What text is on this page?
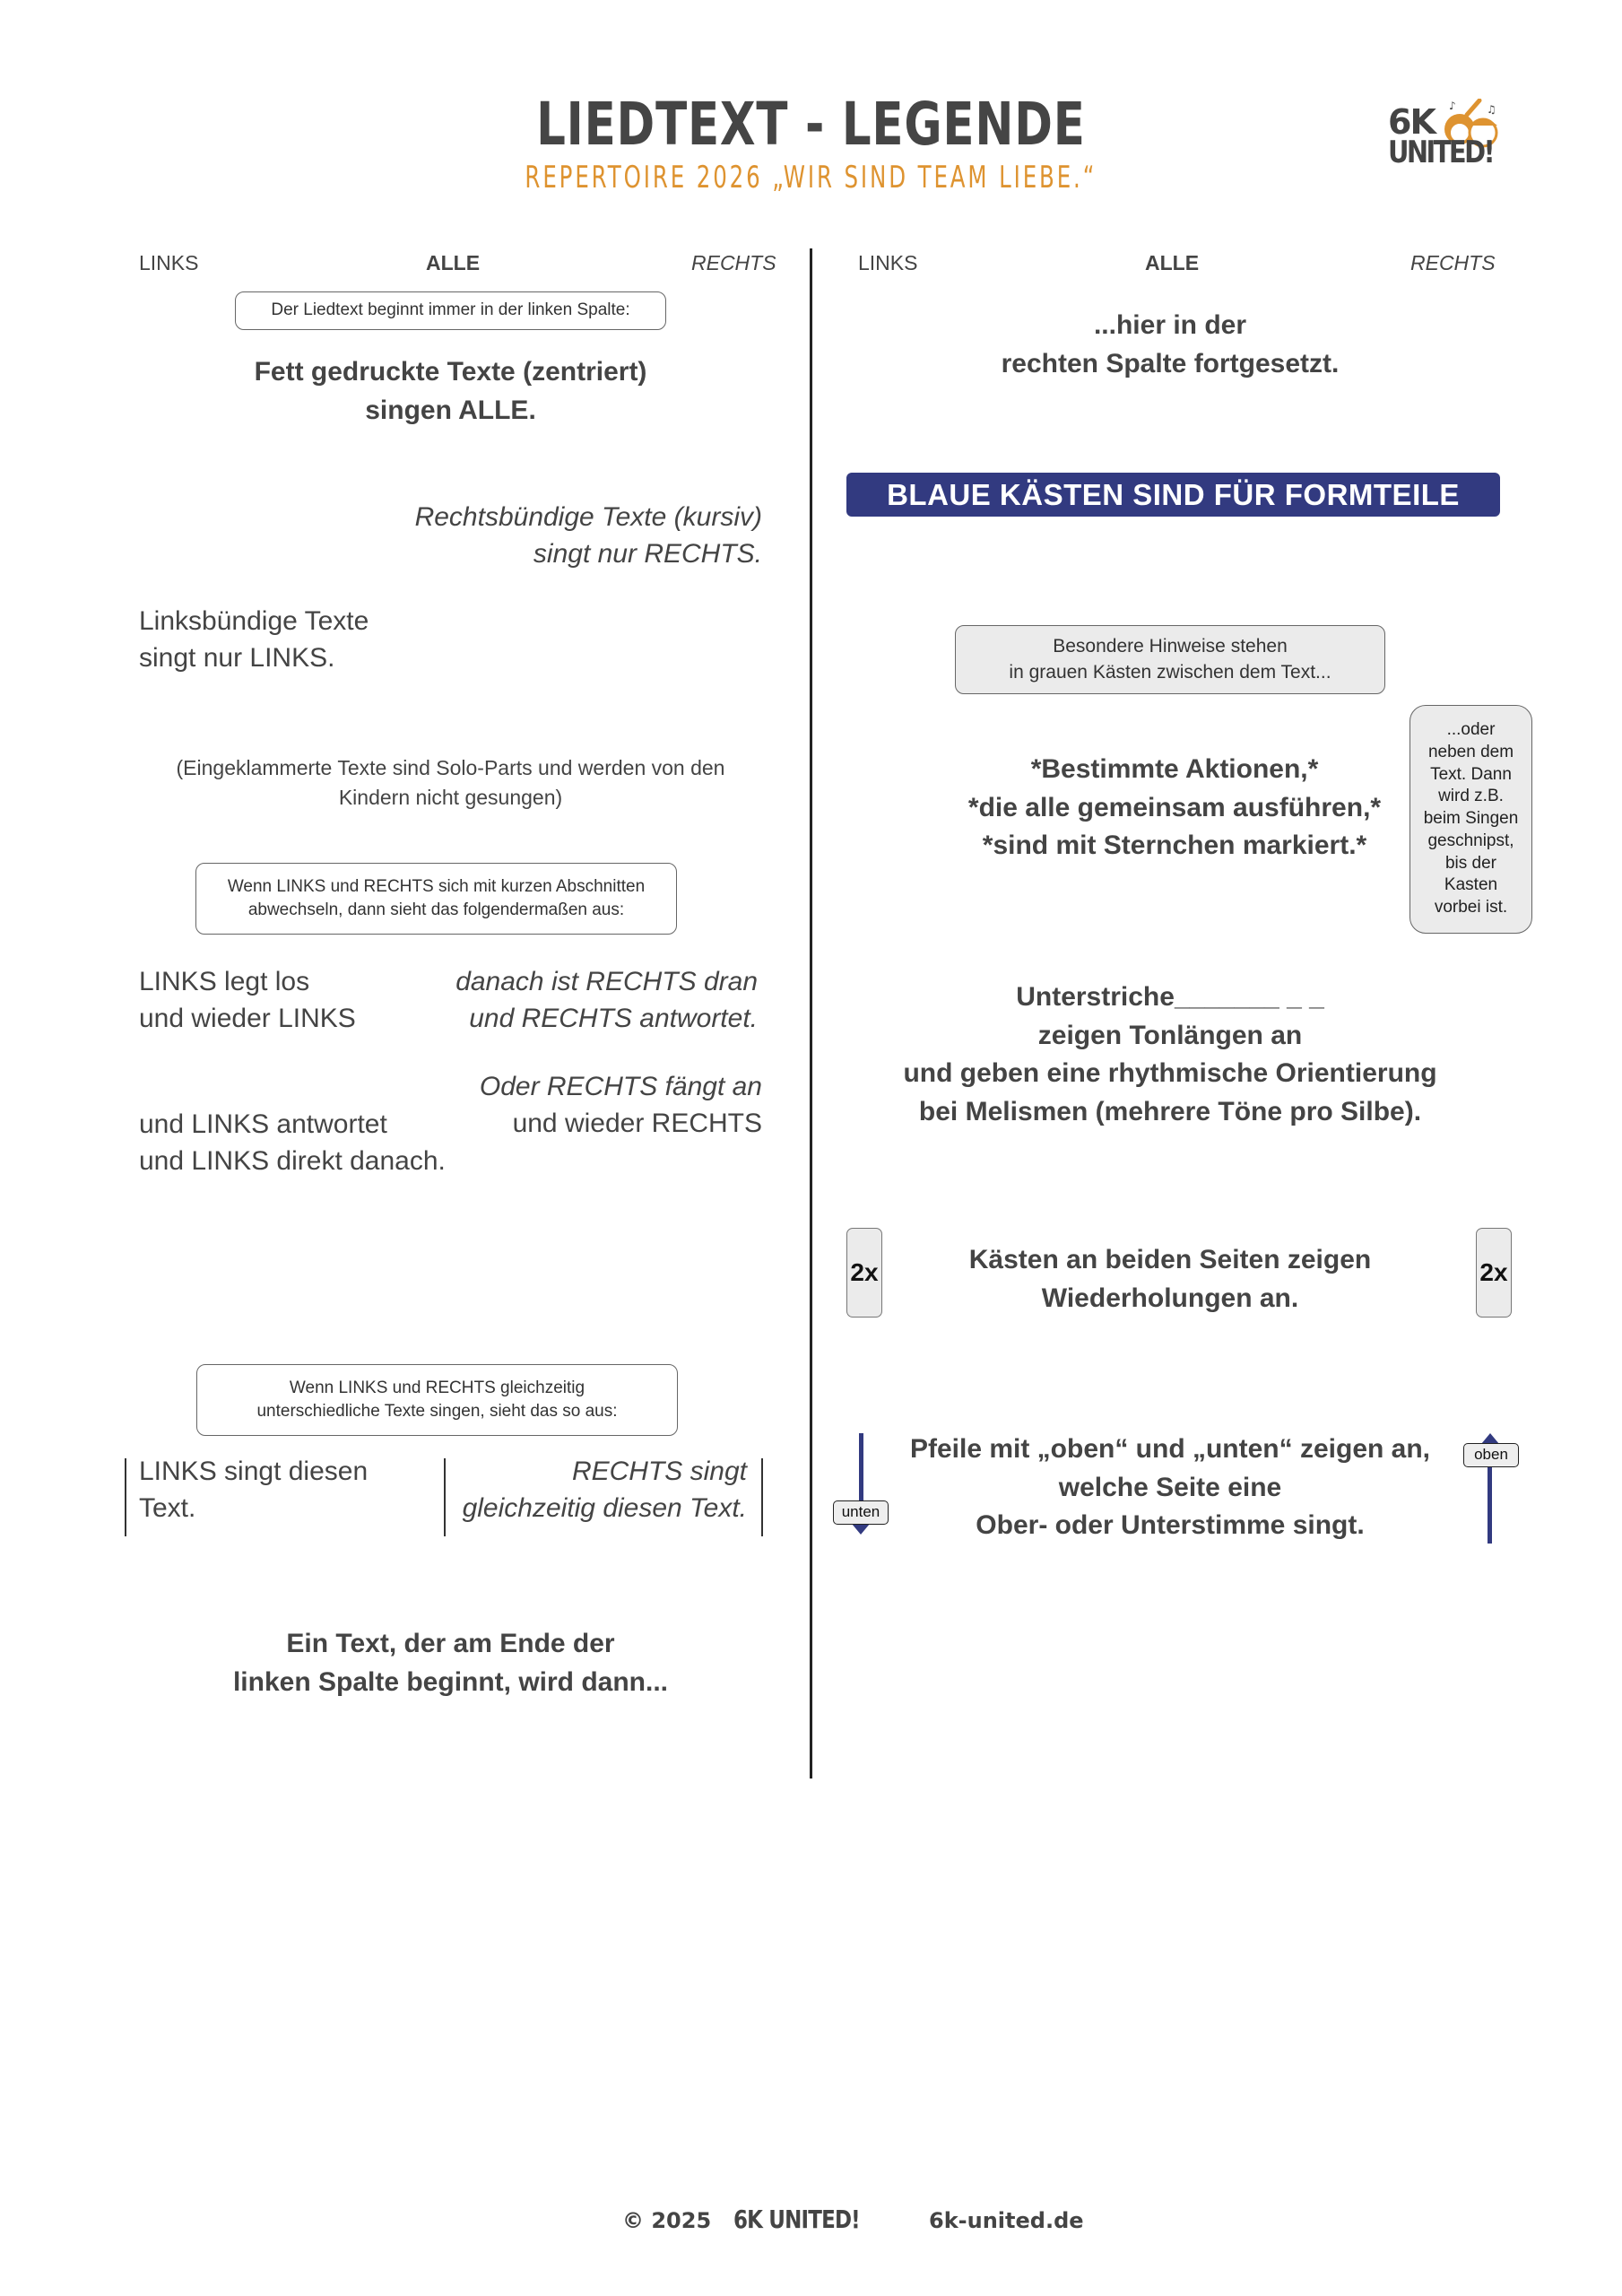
LIEDTEXT - LEGENDE
REPERTOIRE 2026 „WIR SIND TEAM LIEBE.“
♪	♫
6K
UNITED!
LINKS	ALLE	RECHTS
Der Liedtext beginnt immer in der linken Spalte:
Fett gedruckte Texte (zentriert)
singen ALLE.
Rechtsbündige Texte (kursiv)
singt nur RECHTS.
Linksbündige Texte
singt nur LINKS.
(Eingeklammerte Texte sind Solo-Parts und werden von den
Kindern nicht gesungen)
Wenn LINKS und RECHTS sich mit kurzen Abschnitten
abwechseln, dann sieht das folgendermaßen aus:
LINKS legt los
und wieder LINKS
danach ist RECHTS dran
und RECHTS antwortet.
Oder RECHTS fängt an
und wieder RECHTS
und LINKS antwortet
und LINKS direkt danach.
Wenn LINKS und RECHTS gleichzeitig
unterschiedliche Texte singen, sieht das so aus:
LINKS singt diesen
Text.
RECHTS singt
gleichzeitig diesen Text.
Ein Text, der am Ende der
linken Spalte beginnt, wird dann...
LINKS	ALLE	RECHTS
...hier in der
rechten Spalte fortgesetzt.
BLAUE KÄSTEN SIND FÜR FORMTEILE
Besondere Hinweise stehen
in grauen Kästen zwischen dem Text...
...oder
neben dem
Text. Dann
wird z.B.
beim Singen
geschnipst,
bis der
Kasten
vorbei ist.
*Bestimmte Aktionen,*
*die alle gemeinsam ausführen,*
*sind mit Sternchen markiert.*
Unterstriche_______ _ _
zeigen Tonlängen an
und geben eine rhythmische Orientierung
bei Melismen (mehrere Töne pro Silbe).
2x	2x
Kästen an beiden Seiten zeigen
Wiederholungen an.
unten
oben
Pfeile mit „oben“ und „unten“ zeigen an,
welche Seite eine
Ober- oder Unterstimme singt.
© 2025 6K UNITED!	6k-united.de
